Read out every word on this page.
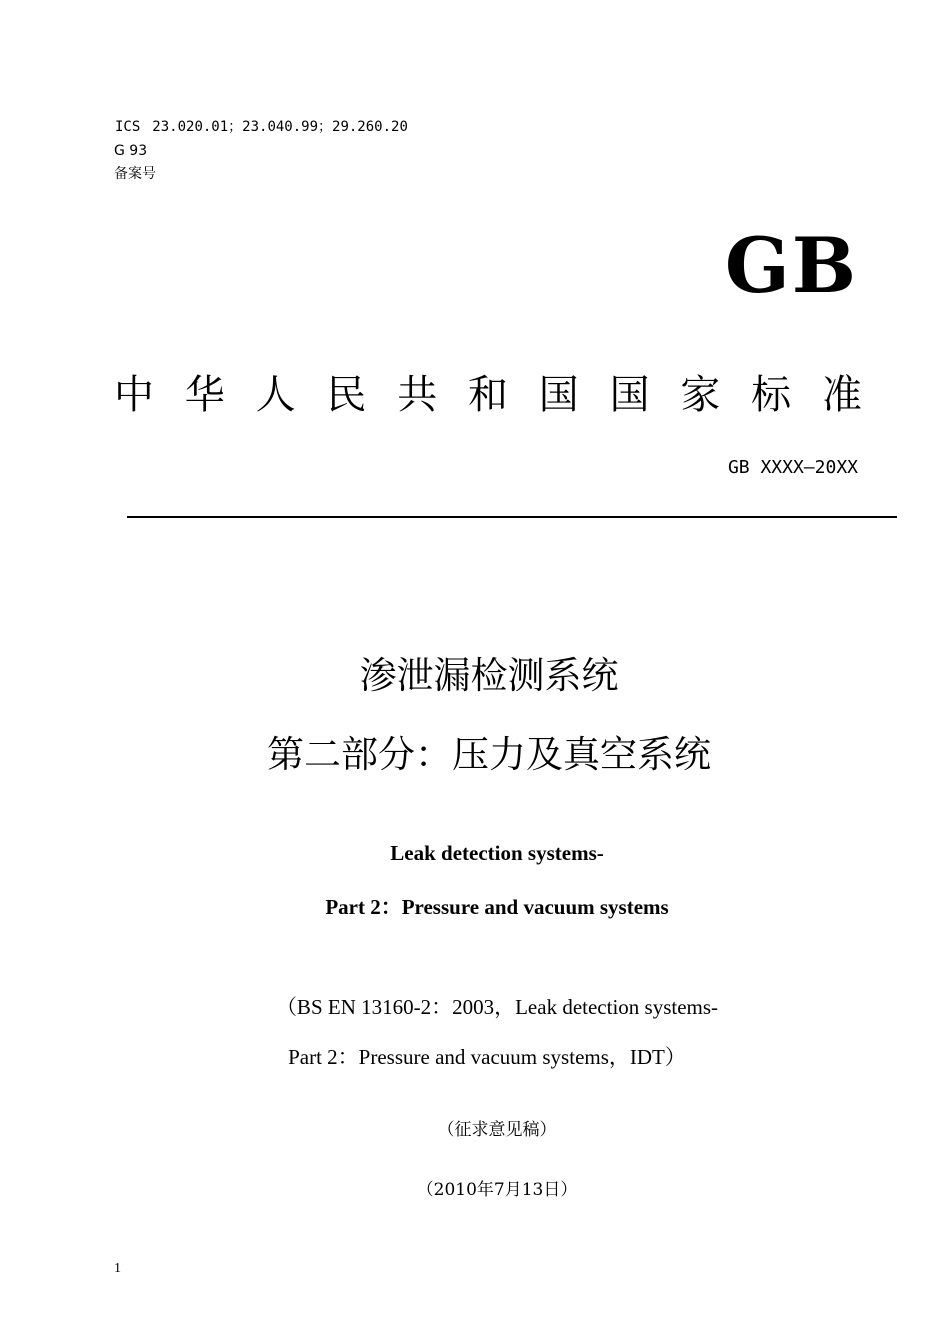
ICS 23.020.01；23.040.99；29.260.20
G 93
备案号
GB
中 华 人 民 共 和 国 国 家 标 准
GB XXXX—20XX
渗泄漏检测系统
第二部分：压力及真空系统
Leak detection systems-
Part 2：Pressure and vacuum systems
（BS EN 13160-2：2003，Leak detection systems-
Part 2：Pressure and vacuum systems，IDT）
（征求意见稿）
（2010年7月13日）
1
